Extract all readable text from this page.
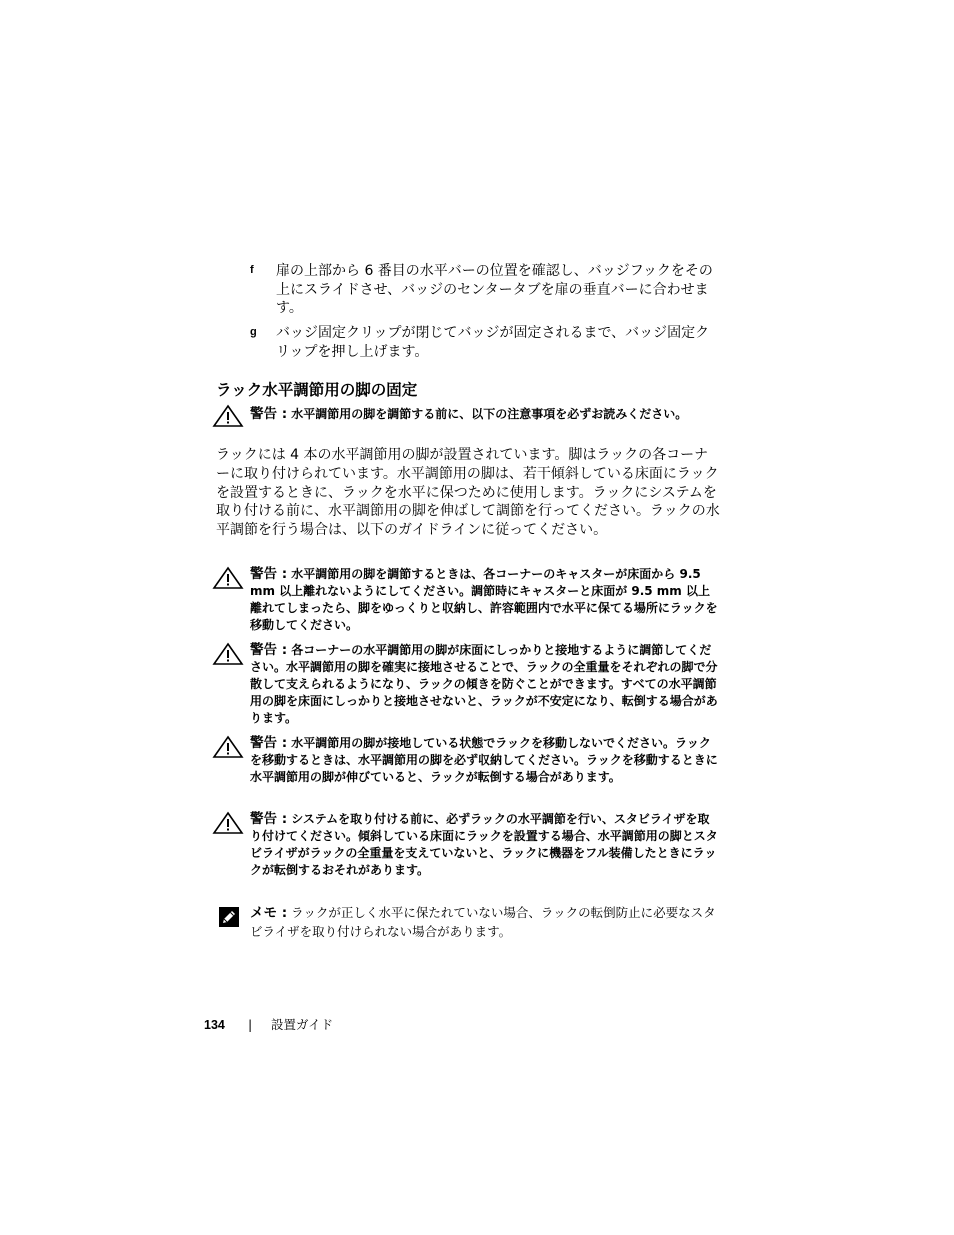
f 扉の上部から 6 番目の水平バーの位置を確認し、バッジフックをその上にスライドさせ、バッジのセンタータブを扉の垂直バーに合わせます。
g バッジ固定クリップが閉じてバッジが固定されるまで、バッジ固定クリップを押し上げます。
ラック水平調節用の脚の固定
警告 : 水平調節用の脚を調節する前に、以下の注意事項を必ずお読みください。
ラックには 4 本の水平調節用の脚が設置されています。脚はラックの各コーナーに取り付けられています。水平調節用の脚は、若干傾斜している床面にラックを設置するときに、ラックを水平に保つために使用します。ラックにシステムを取り付ける前に、水平調節用の脚を伸ばして調節を行ってください。ラックの水平調節を行う場合は、以下のガイドラインに従ってください。
警告 : 水平調節用の脚を調節するときは、各コーナーのキャスターが床面から 9.5 mm 以上離れないようにしてください。調節時にキャスターと床面が 9.5 mm 以上離れてしまったら、脚をゆっくりと収納し、許容範囲内で水平に保てる場所にラックを移動してください。
警告 : 各コーナーの水平調節用の脚が床面にしっかりと接地するように調節してください。水平調節用の脚を確実に接地させることで、ラックの全重量をそれぞれの脚で分散して支えられるようになり、ラックの傾きを防ぐことができます。すべての水平調節用の脚を床面にしっかりと接地させないと、ラックが不安定になり、転倒する場合があります。
警告 : 水平調節用の脚が接地している状態でラックを移動しないでください。ラックを移動するときは、水平調節用の脚を必ず収納してください。ラックを移動するときに水平調節用の脚が伸びていると、ラックが転倒する場合があります。
警告 : システムを取り付ける前に、必ずラックの水平調節を行い、スタビライザを取り付けてください。傾斜している床面にラックを設置する場合、水平調節用の脚とスタビライザがラックの全重量を支えていないと、ラックに機器をフル装備したときにラックが転倒するおそれがあります。
メモ : ラックが正しく水平に保たれていない場合、ラックの転倒防止に必要なスタビライザを取り付けられない場合があります。
134 | 設置ガイド
